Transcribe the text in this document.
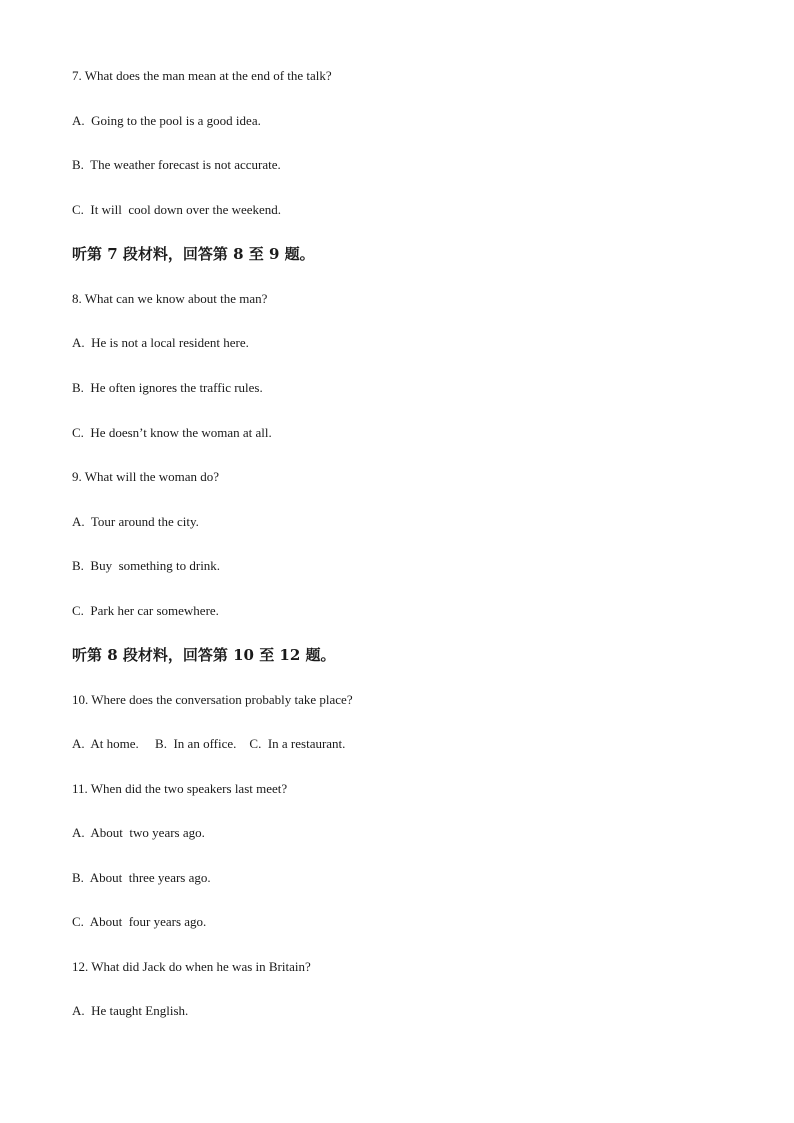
7. What does the man mean at the end of the talk?
A.  Going to the pool is a good idea.
B.  The weather forecast is not accurate.
C.  It will  cool down over the weekend.
听第 7 段材料，回答第 8 至 9 题。
8. What can we know about the man?
A.  He is not a local resident here.
B.  He often ignores the traffic rules.
C.  He doesn’t know the woman at all.
9. What will the woman do?
A.  Tour around the city.
B.  Buy  something to drink.
C.  Park her car somewhere.
听第 8 段材料，回答第 10 至 12 题。
10. Where does the conversation probably take place?
A.  At home.     B.  In an office.    C.  In a restaurant.
11. When did the two speakers last meet?
A.  About  two years ago.
B.  About  three years ago.
C.  About  four years ago.
12. What did Jack do when he was in Britain?
A.  He taught English.
